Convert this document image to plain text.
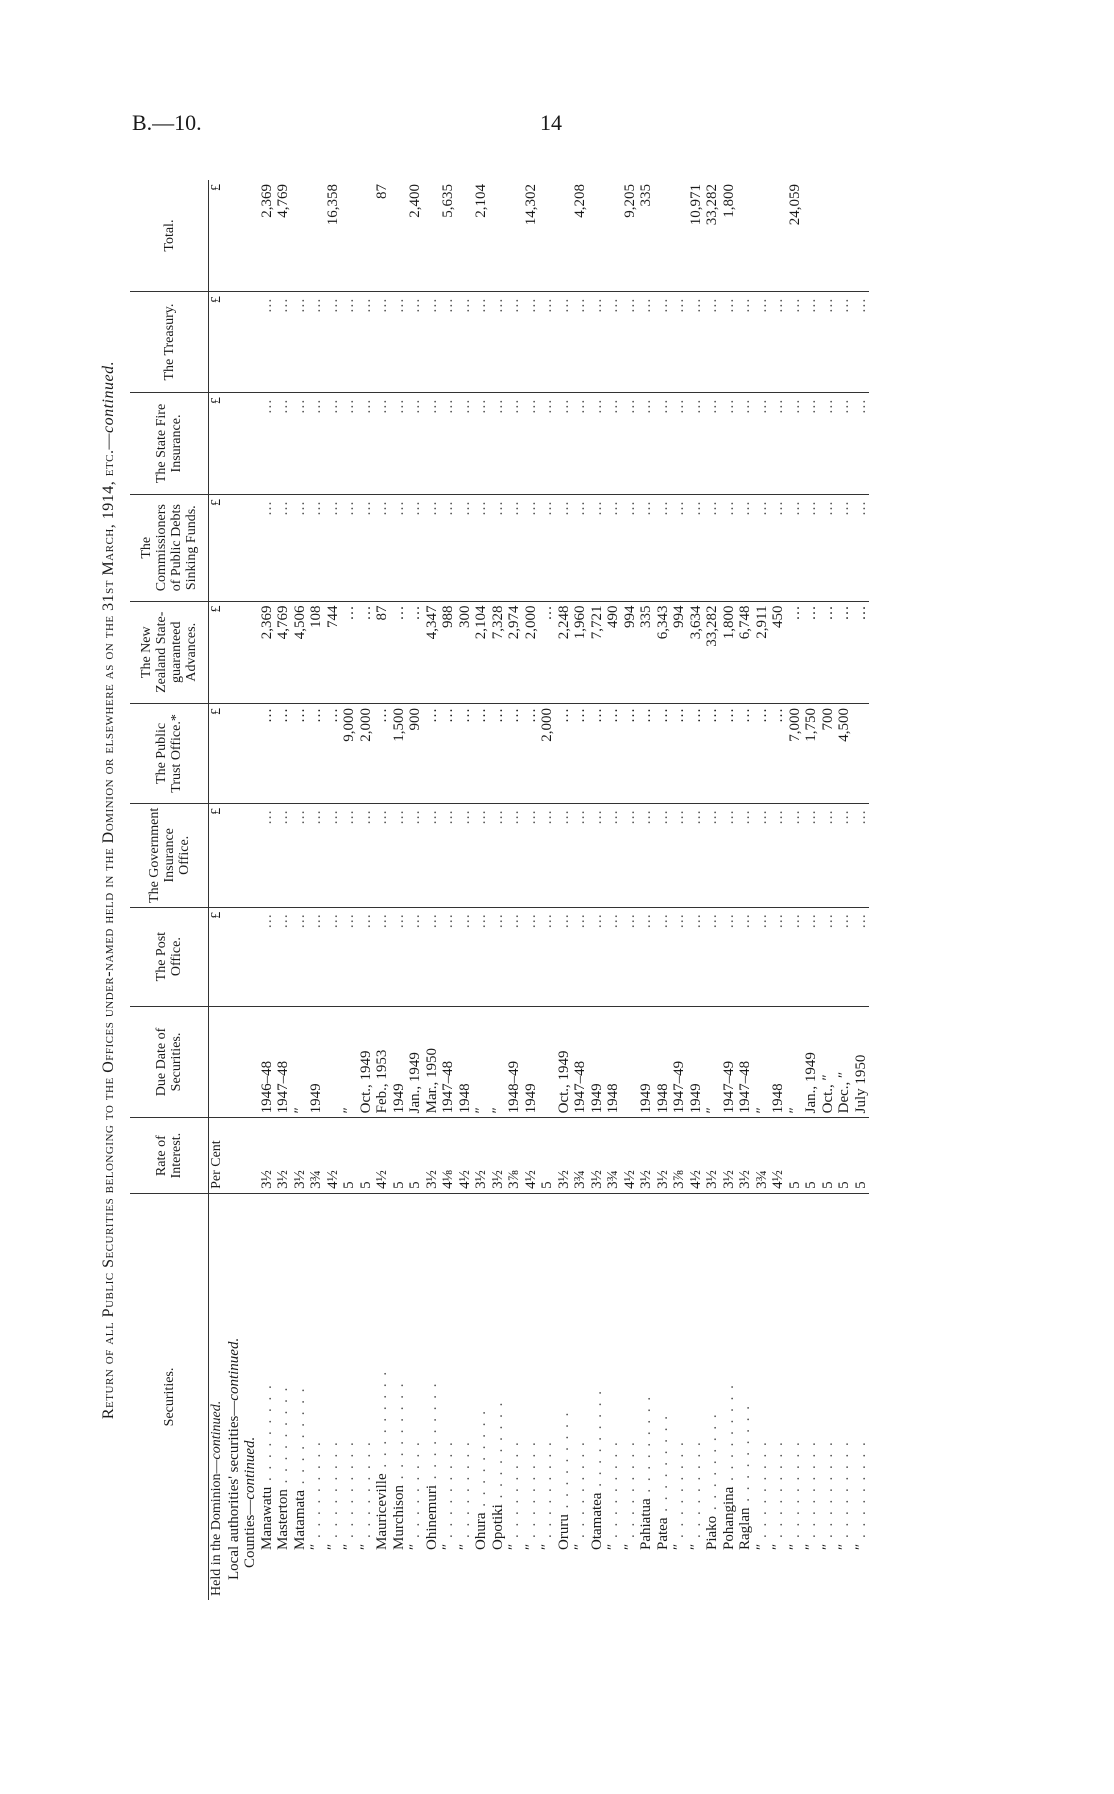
B.—10.	14
Return of all Public Securities belonging to the Offices under-named held in the Dominion or elsewhere as on the 31st March, 1914, etc.—continued.
Securities.	Rate of Interest.	Due Date of Securities.	The Post Office.	The Government Insurance Office.	The Public Trust Office.*	The New Zealand State-guaranteed Advances.	The Commissioners of Public Debts Sinking Funds.	The State Fire Insurance.	The Treasury.	Total.
Held in the Dominion—continued.	Per Cent		£	£	£	£	£	£	£	£
Local authorities' securities—continued.										
Counties—continued.										
Manawatu . . . . . . . . .	3½	1946–48	…	…	…	2,369	…	…	…	2,369
Masterton . . . . . . . . .	3½	1947–48	…	…	…	4,769	…	…	…	4,769
Matamata . . . . . . . . .	3½	″	…	…	…	4,506	…	…	…	
″ . . . . . . . . .	3¾	1949	…	…	…	108	…	…	…	
″ . . . . . . . . .	4½		…	…	…	744	…	…	…	16,358
″ . . . . . . . . .	5	″	…	…	9,000	…	…	…	…	
″ . . . . . . . . .	5	Oct., 1949	…	…	2,000	…	…	…	…	
Mauriceville . . . . . . . . .	4½	Feb., 1953	…	…	…	87	…	…	…	87
Murchison . . . . . . . . .	5	1949	…	…	1,500	…	…	…	…	
″ . . . . . . . . .	5	Jan., 1949	…	…	900	…	…	…	…	2,400
Ohinemuri . . . . . . . . .	3½	Mar., 1950	…	…	…	4,347	…	…	…	
″ . . . . . . . . .	4⅛	1947–48	…	…	…	988	…	…	…	5,635
″ . . . . . . . . .	4½	1948	…	…	…	300	…	…	…	
Ohura . . . . . . . . .	3½	″	…	…	…	2,104	…	…	…	2,104
Opotiki . . . . . . . . .	3½	″	…	…	…	7,328	…	…	…	
″ . . . . . . . . .	3⅞	1948–49	…	…	…	2,974	…	…	…	
″ . . . . . . . . .	4½	1949	…	…	…	2,000	…	…	…	14,302
″ . . . . . . . . .	5		…	…	2,000	…	…	…	…	
Oruru . . . . . . . . .	3½	Oct., 1949	…	…	…	2,248	…	…	…	
″ . . . . . . . . .	3¾	1947–48	…	…	…	1,960	…	…	…	4,208
Otamatea . . . . . . . . .	3½	1949	…	…	…	7,721	…	…	…	
″ . . . . . . . . .	3¾	1948	…	…	…	490	…	…	…	
″ . . . . . . . . .	4½		…	…	…	994	…	…	…	9,205
Pahiatua . . . . . . . . .	3½	1949	…	…	…	335	…	…	…	335
Patea . . . . . . . . .	3½	1948	…	…	…	6,343	…	…	…	
″ . . . . . . . . .	3⅞	1947–49	…	…	…	994	…	…	…	
″ . . . . . . . . .	4½	1949	…	…	…	3,634	…	…	…	10,971
Piako . . . . . . . . .	3½	″	…	…	…	33,282	…	…	…	33,282
Pohangina . . . . . . . . .	3½	1947–49	…	…	…	1,800	…	…	…	1,800
Raglan . . . . . . . . .	3½	1947–48	…	…	…	6,748	…	…	…	
″ . . . . . . . . .	3¾	″	…	…	…	2,911	…	…	…	
″ . . . . . . . . .	4½	1948	…	…	…	450	…	…	…	
″ . . . . . . . . .	5	″	…	…	7,000	…	…	…	…	24,059
″ . . . . . . . . .	5	Jan., 1949	…	…	1,750	…	…	…	…	
″ . . . . . . . . .	5	Oct., ″	…	…	700	…	…	…	…	
″ . . . . . . . . .	5	Dec., ″	…	…	4,500	…	…	…	…	
″ . . . . . . . . .	5	July 1950	…	…		…	…	…	…	
